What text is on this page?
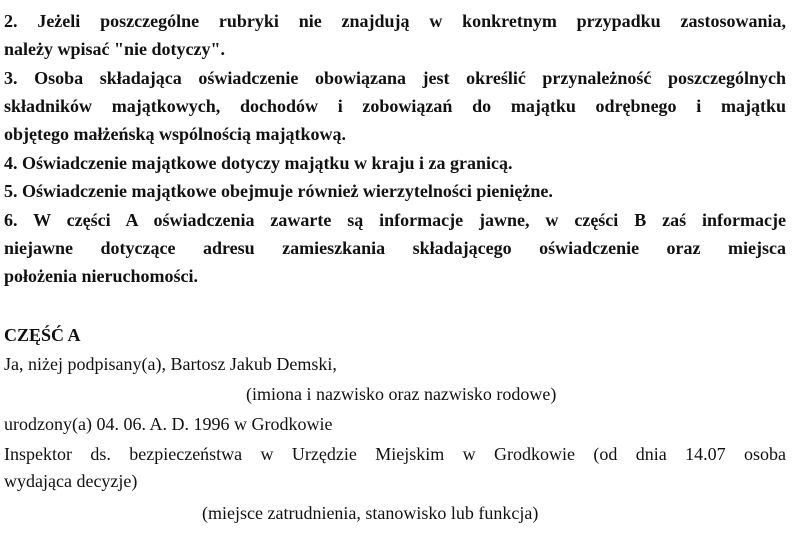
2. Jeżeli poszczególne rubryki nie znajdują w konkretnym przypadku zastosowania,
należy wpisać "nie dotyczy".
3. Osoba składająca oświadczenie obowiązana jest określić przynależność poszczególnych
składników majątkowych, dochodów i zobowiązań do majątku odrębnego i majątku
objętego małżeńską wspólnością majątkową.
4. Oświadczenie majątkowe dotyczy majątku w kraju i za granicą.
5. Oświadczenie majątkowe obejmuje również wierzytelności pieniężne.
6. W części A oświadczenia zawarte są informacje jawne, w części B zaś informacje
niejawne dotyczące adresu zamieszkania składającego oświadczenie oraz miejsca
położenia nieruchomości.
CZĘŚĆ A
Ja, niżej podpisany(a), Bartosz Jakub Demski,
(imiona i nazwisko oraz nazwisko rodowe)
urodzony(a) 04. 06. A. D. 1996 w Grodkowie
Inspektor ds. bezpieczeństwa w Urzędzie Miejskim w Grodkowie (od dnia 14.07 osoba
wydająca decyzje)
(miejsce zatrudnienia, stanowisko lub funkcja)
